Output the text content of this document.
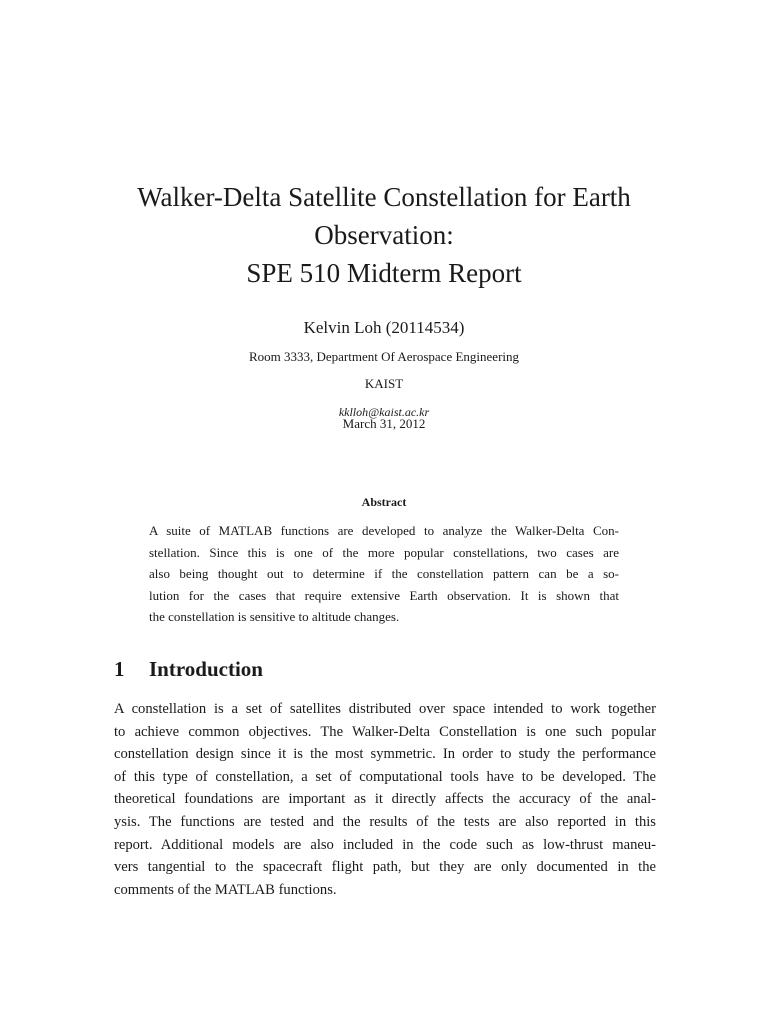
Walker-Delta Satellite Constellation for Earth
Observation:
SPE 510 Midterm Report
Kelvin Loh (20114534)
Room 3333, Department Of Aerospace Engineering
KAIST
kklloh@kaist.ac.kr
March 31, 2012
Abstract

A suite of MATLAB functions are developed to analyze the Walker-Delta Con-
stellation. Since this is one of the more popular constellations, two cases are
also being thought out to determine if the constellation pattern can be a so-
lution for the cases that require extensive Earth observation. It is shown that
the constellation is sensitive to altitude changes.

1 Introduction

A constellation is a set of satellites distributed over space intended to work together
to achieve common objectives. The Walker-Delta Constellation is one such popular
constellation design since it is the most symmetric. In order to study the performance
of this type of constellation, a set of computational tools have to be developed. The
theoretical foundations are important as it directly affects the accuracy of the anal-
ysis. The functions are tested and the results of the tests are also reported in this
report. Additional models are also included in the code such as low-thrust maneu-
vers tangential to the spacecraft flight path, but they are only documented in the
comments of the MATLAB functions.
